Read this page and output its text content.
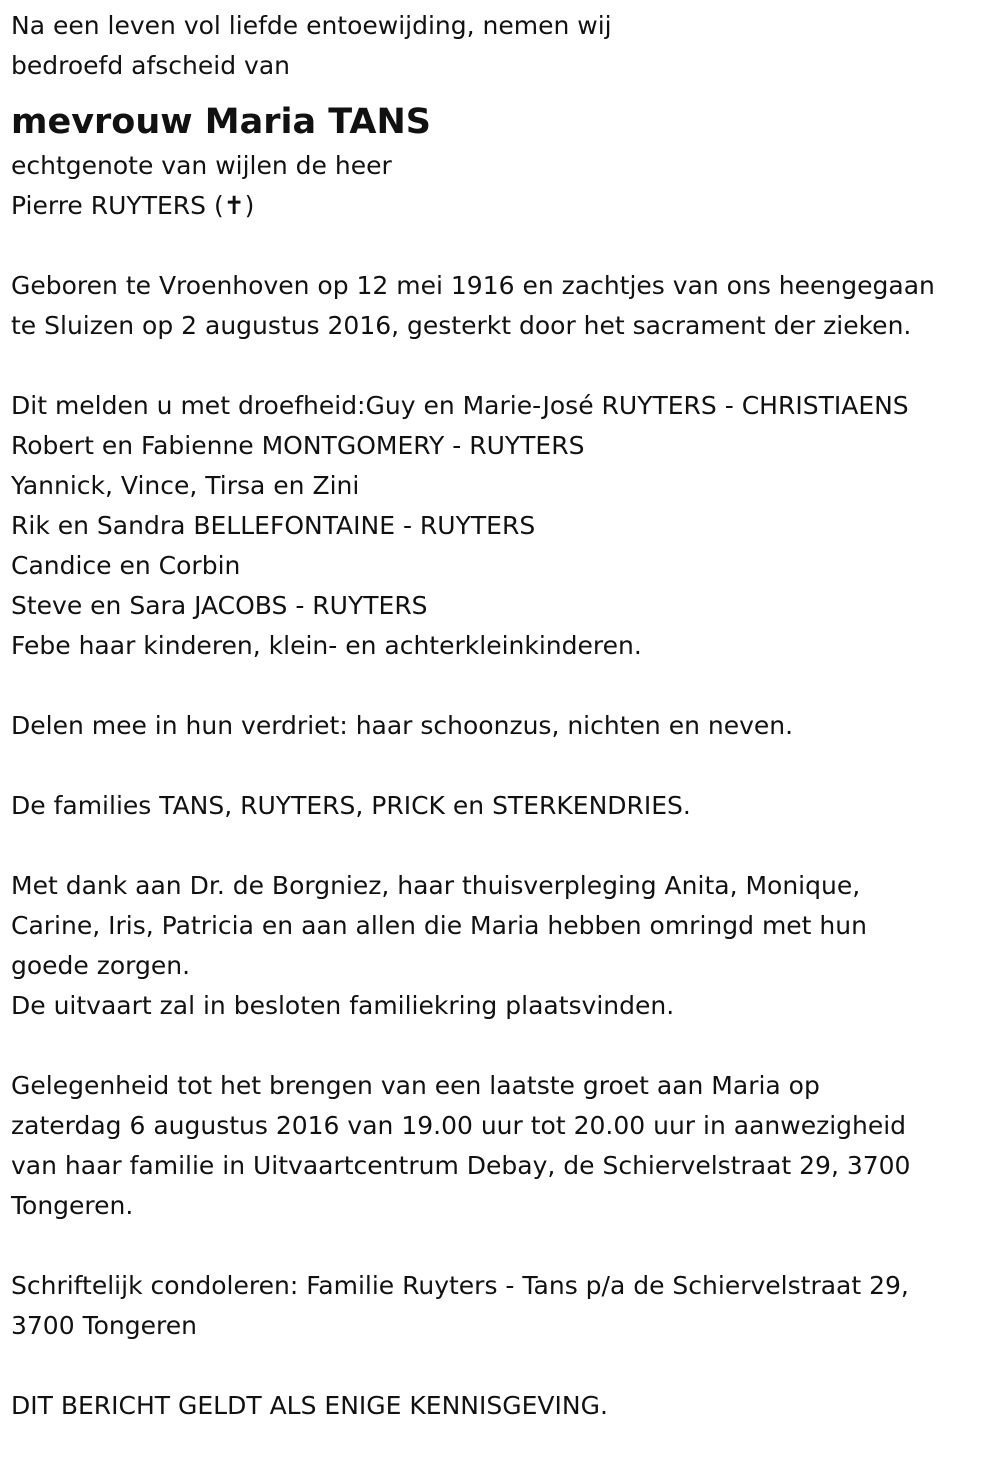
Na een leven vol liefde entoewijding, nemen wij
bedroefd afscheid van
mevrouw Maria TANS
echtgenote van wijlen de heer
Pierre RUYTERS (✝)
Geboren te Vroenhoven op 12 mei 1916 en zachtjes van ons heengegaan
te Sluizen op 2 augustus 2016, gesterkt door het sacrament der zieken.
Dit melden u met droefheid:Guy en Marie-José RUYTERS - CHRISTIAENS
Robert en Fabienne MONTGOMERY - RUYTERS
Yannick, Vince, Tirsa en Zini
Rik en Sandra BELLEFONTAINE - RUYTERS
Candice en Corbin
Steve en Sara JACOBS - RUYTERS
Febe haar kinderen, klein- en achterkleinkinderen.
Delen mee in hun verdriet: haar schoonzus, nichten en neven.
De families TANS, RUYTERS, PRICK en STERKENDRIES.
Met dank aan Dr. de Borgniez, haar thuisverpleging Anita, Monique,
Carine, Iris, Patricia en aan allen die Maria hebben omringd met hun
goede zorgen.
De uitvaart zal in besloten familiekring plaatsvinden.
Gelegenheid tot het brengen van een laatste groet aan Maria op
zaterdag 6 augustus 2016 van 19.00 uur tot 20.00 uur in aanwezigheid
van haar familie in Uitvaartcentrum Debay, de Schiervelstraat 29, 3700
Tongeren.
Schriftelijk condoleren: Familie Ruyters - Tans p/a de Schiervelstraat 29,
3700 Tongeren
DIT BERICHT GELDT ALS ENIGE KENNISGEVING.
